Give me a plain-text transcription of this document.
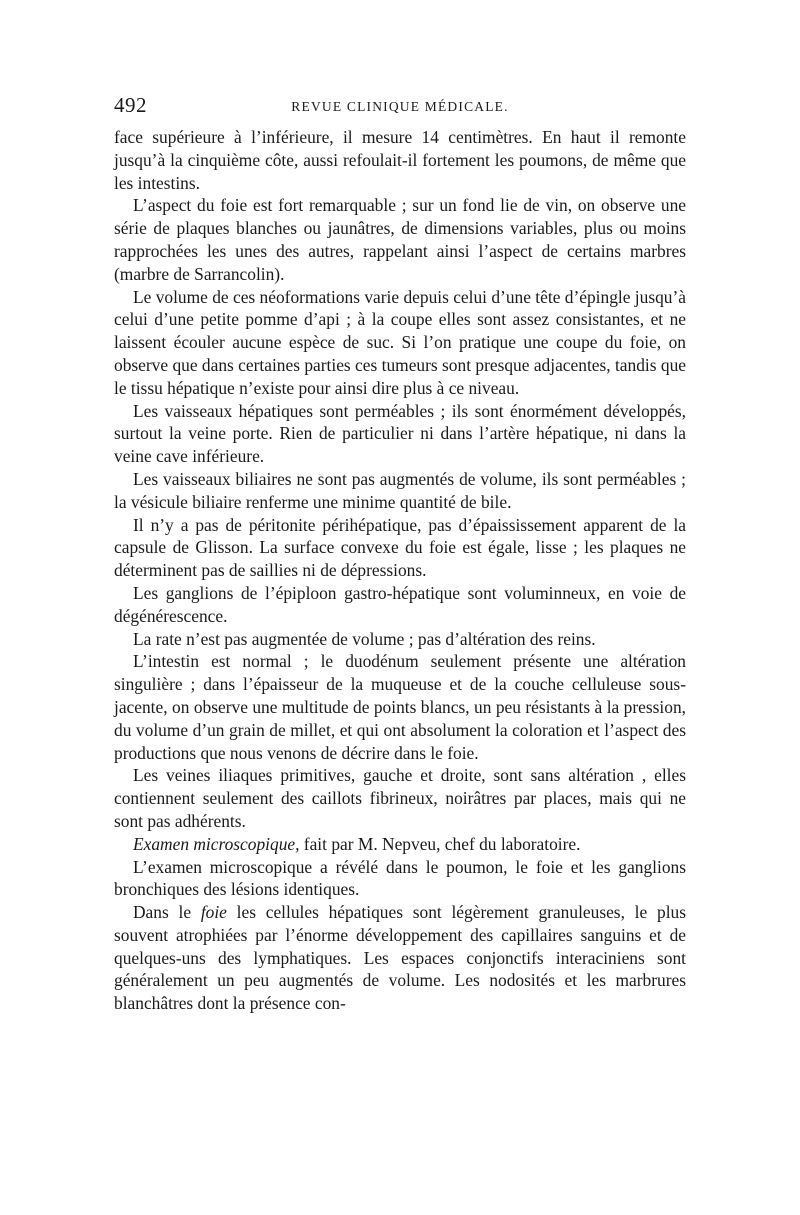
492	REVUE CLINIQUE MÉDICALE.

face supérieure à l’inférieure, il mesure 14 centimètres. En haut il remonte jusqu’à la cinquième côte, aussi refoulait-il fortement les poumons, de même que les intestins.

L’aspect du foie est fort remarquable ; sur un fond lie de vin, on observe une série de plaques blanches ou jaunâtres, de dimensions variables, plus ou moins rapprochées les unes des autres, rappelant ainsi l’aspect de certains marbres (marbre de Sarrancolin).

Le volume de ces néoformations varie depuis celui d’une tête d’épingle jusqu’à celui d’une petite pomme d’api ; à la coupe elles sont assez consistantes, et ne laissent écouler aucune espèce de suc. Si l’on pratique une coupe du foie, on observe que dans certaines parties ces tumeurs sont presque adjacentes, tandis que le tissu hépatique n’existe pour ainsi dire plus à ce niveau.

Les vaisseaux hépatiques sont perméables ; ils sont énormément développés, surtout la veine porte. Rien de particulier ni dans l’artère hépatique, ni dans la veine cave inférieure.

Les vaisseaux biliaires ne sont pas augmentés de volume, ils sont perméables ; la vésicule biliaire renferme une minime quantité de bile.

Il n’y a pas de péritonite périhépatique, pas d’épaississement apparent de la capsule de Glisson. La surface convexe du foie est égale, lisse ; les plaques ne déterminent pas de saillies ni de dépressions.

Les ganglions de l’épiploon gastro-hépatique sont voluminneux, en voie de dégénérescence.

La rate n’est pas augmentée de volume ; pas d’altération des reins.

L’intestin est normal ; le duodénum seulement présente une altération singulière ; dans l’épaisseur de la muqueuse et de la couche celluleuse sous-jacente, on observe une multitude de points blancs, un peu résistants à la pression, du volume d’un grain de millet, et qui ont absolument la coloration et l’aspect des productions que nous venons de décrire dans le foie.

Les veines iliaques primitives, gauche et droite, sont sans altération , elles contiennent seulement des caillots fibrineux, noirâtres par places, mais qui ne sont pas adhérents.

Examen microscopique, fait par M. Nepveu, chef du laboratoire.

L’examen microscopique a révélé dans le poumon, le foie et les ganglions bronchiques des lésions identiques.

Dans le foie les cellules hépatiques sont légèrement granuleuses, le plus souvent atrophiées par l’énorme développement des capillaires sanguins et de quelques-uns des lymphatiques. Les espaces conjonctifs interaciniens sont généralement un peu augmentés de volume. Les nodosités et les marbrures blanchâtres dont la présence con-
